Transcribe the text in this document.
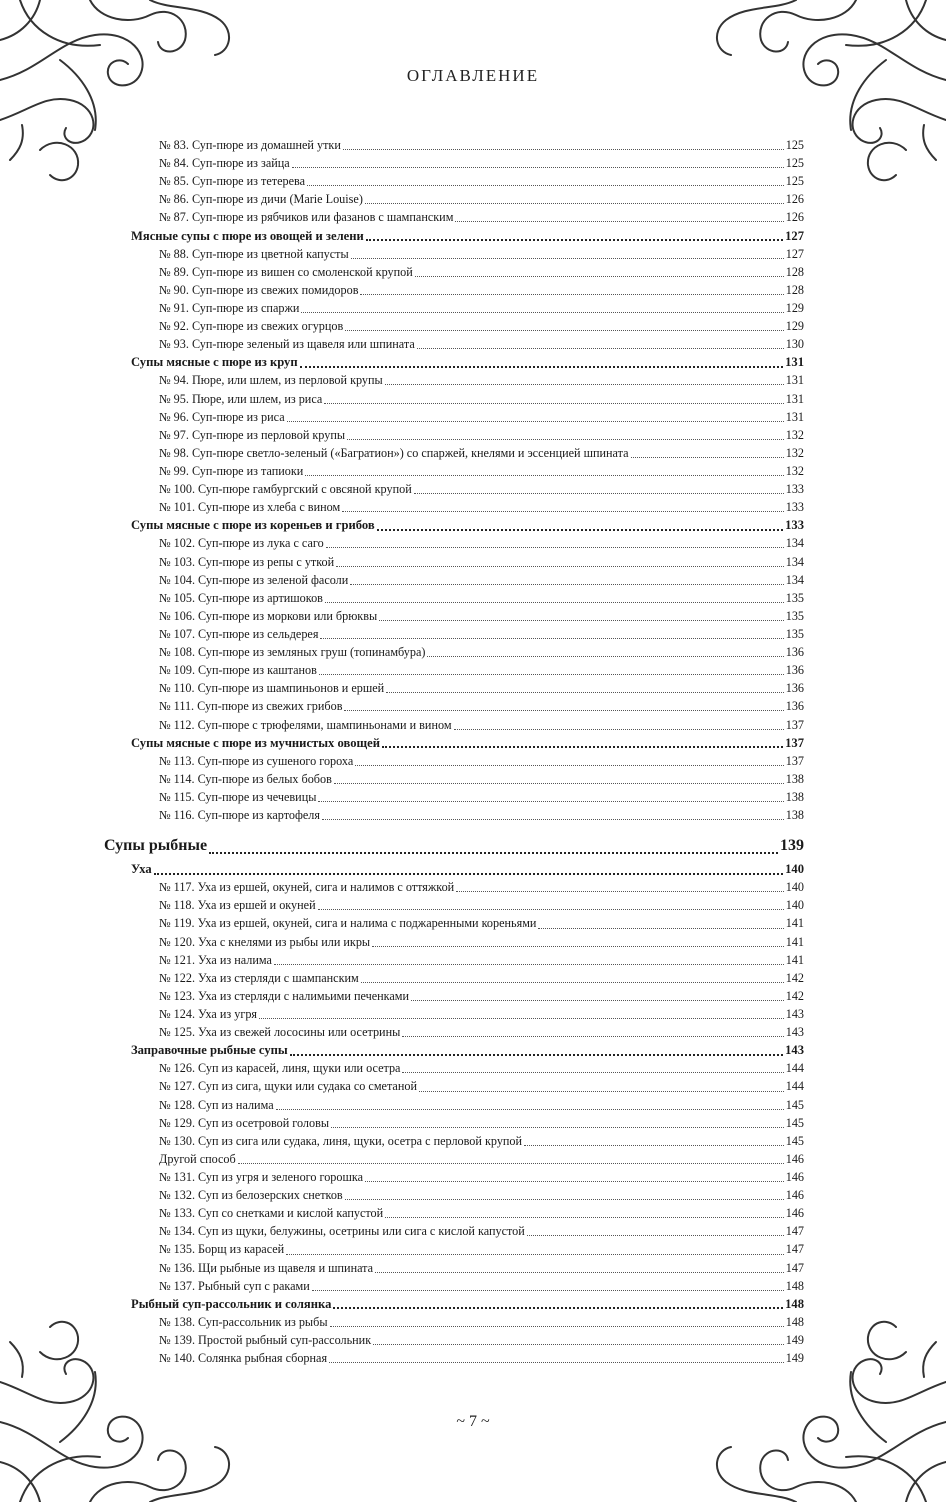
ОГЛАВЛЕНИЕ
№ 83. Суп-пюре из домашней утки	125
№ 84. Суп-пюре из зайца	125
№ 85. Суп-пюре из тетерева	125
№ 86. Суп-пюре из дичи (Marie Louise)	126
№ 87. Суп-пюре из рябчиков или фазанов с шампанским	126
Мясные супы с пюре из овощей и зелени	127
№ 88. Суп-пюре из цветной капусты	127
№ 89. Суп-пюре из вишен со смоленской крупой	128
№ 90. Суп-пюре из свежих помидоров	128
№ 91. Суп-пюре из спаржи	129
№ 92. Суп-пюре из свежих огурцов	129
№ 93. Суп-пюре зеленый из щавеля или шпината	130
Супы мясные с пюре из круп	131
№ 94. Пюре, или шлем, из перловой крупы	131
№ 95. Пюре, или шлем, из риса	131
№ 96. Суп-пюре из риса	131
№ 97. Суп-пюре из перловой крупы	132
№ 98. Суп-пюре светло-зеленый («Багратион») со спаржей, кнелями и эссенцией шпината	132
№ 99. Суп-пюре из тапиоки	132
№ 100. Суп-пюре гамбургский с овсяной крупой	133
№ 101. Суп-пюре из хлеба с вином	133
Супы мясные с пюре из кореньев и грибов	133
№ 102. Суп-пюре из лука с саго	134
№ 103. Суп-пюре из репы с уткой	134
№ 104. Суп-пюре из зеленой фасоли	134
№ 105. Суп-пюре из артишоков	135
№ 106. Суп-пюре из моркови или брюквы	135
№ 107. Суп-пюре из сельдерея	135
№ 108. Суп-пюре из земляных груш (топинамбура)	136
№ 109. Суп-пюре из каштанов	136
№ 110. Суп-пюре из шампиньонов и ершей	136
№ 111. Суп-пюре из свежих грибов	136
№ 112. Суп-пюре с трюфелями, шампиньонами и вином	137
Супы мясные с пюре из мучнистых овощей	137
№ 113. Суп-пюре из сушеного гороха	137
№ 114. Суп-пюре из белых бобов	138
№ 115. Суп-пюре из чечевицы	138
№ 116. Суп-пюре из картофеля	138
Супы рыбные	139
Уха	140
№ 117. Уха из ершей, окуней, сига и налимов с оттяжкой	140
№ 118. Уха из ершей и окуней	140
№ 119. Уха из ершей, окуней, сига и налима с поджаренными кореньями	141
№ 120. Уха с кнелями из рыбы или икры	141
№ 121. Уха из налима	141
№ 122. Уха из стерляди с шампанским	142
№ 123. Уха из стерляди с налимьими печенками	142
№ 124. Уха из угря	143
№ 125. Уха из свежей лососины или осетрины	143
Заправочные рыбные супы	143
№ 126. Суп из карасей, линя, щуки или осетра	144
№ 127. Суп из сига, щуки или судака со сметаной	144
№ 128. Суп из налима	145
№ 129. Суп из осетровой головы	145
№ 130. Суп из сига или судака, линя, щуки, осетра с перловой крупой	145
Другой способ	146
№ 131. Суп из угря и зеленого горошка	146
№ 132. Суп из белозерских снетков	146
№ 133. Суп со снетками и кислой капустой	146
№ 134. Суп из щуки, белужины, осетрины или сига с кислой капустой	147
№ 135. Борщ из карасей	147
№ 136. Щи рыбные из щавеля и шпината	147
№ 137. Рыбный суп с раками	148
Рыбный суп-рассольник и солянка	148
№ 138. Суп-рассольник из рыбы	148
№ 139. Простой рыбный суп-рассольник	149
№ 140. Солянка рыбная сборная	149
~ 7 ~
